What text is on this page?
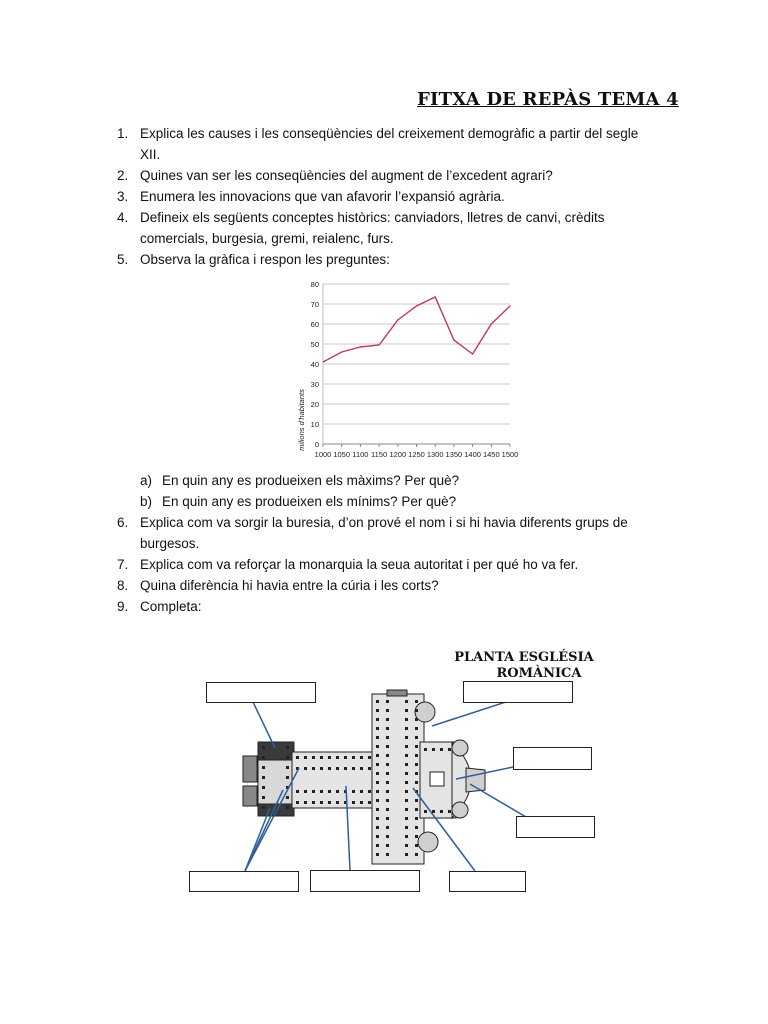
FITXA DE REPÀS TEMA 4
1. Explica les causes i les conseqüències del creixement demogràfic a partir del segle
XII.
2. Quines van ser les conseqüències del augment de l’excedent agrari?
3. Enumera les innovacions que van afavorir l’expansió agrària.
4. Defineix els següents conceptes històrics: canviadors, lletres de canvi, crèdits
comercials, burgesia, gremi, reialenc, furs.
5. Observa la gràfica i respon les preguntes:
0
10
20
30
40
50
60
70
80
1000 1050 1100 1150 1200 1250 1300 1350 1400 1450 1500
milions d’habitants
a) En quin any es produeixen els màxims? Per què?
b) En quin any es produeixen els mínims? Per què?
6. Explica com va sorgir la buresia, d’on prové el nom i si hi havia diferents grups de
burgesos.
7. Explica com va reforçar la monarquia la seua autoritat i per qué ho va fer.
8. Quina diferència hi havia entre la cúria i les corts?
9. Completa:
PLANTA ESGLÉSIA
ROMÀNICA
